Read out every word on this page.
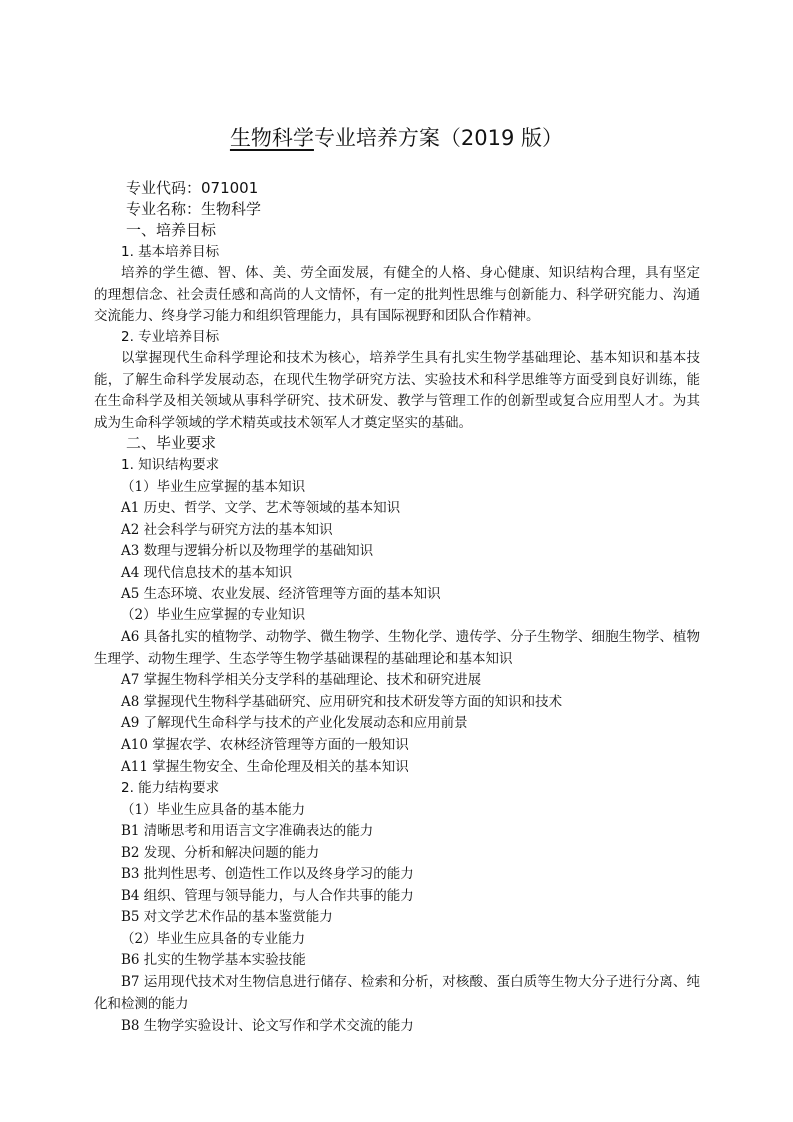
生物科学专业培养方案（2019 版）
专业代码：071001
专业名称：生物科学
一、培养目标
1. 基本培养目标
培养的学生德、智、体、美、劳全面发展，有健全的人格、身心健康、知识结构合理，具有坚定的理想信念、社会责任感和高尚的人文情怀，有一定的批判性思维与创新能力、科学研究能力、沟通交流能力、终身学习能力和组织管理能力，具有国际视野和团队合作精神。
2. 专业培养目标
以掌握现代生命科学理论和技术为核心，培养学生具有扎实生物学基础理论、基本知识和基本技能，了解生命科学发展动态，在现代生物学研究方法、实验技术和科学思维等方面受到良好训练，能在生命科学及相关领域从事科学研究、技术研发、教学与管理工作的创新型或复合应用型人才。为其成为生命科学领域的学术精英或技术领军人才奠定坚实的基础。
二、毕业要求
1. 知识结构要求
（1）毕业生应掌握的基本知识
A1 历史、哲学、文学、艺术等领域的基本知识
A2 社会科学与研究方法的基本知识
A3 数理与逻辑分析以及物理学的基础知识
A4 现代信息技术的基本知识
A5 生态环境、农业发展、经济管理等方面的基本知识
（2）毕业生应掌握的专业知识
A6 具备扎实的植物学、动物学、微生物学、生物化学、遗传学、分子生物学、细胞生物学、植物生理学、动物生理学、生态学等生物学基础课程的基础理论和基本知识
A7 掌握生物科学相关分支学科的基础理论、技术和研究进展
A8 掌握现代生物科学基础研究、应用研究和技术研发等方面的知识和技术
A9 了解现代生命科学与技术的产业化发展动态和应用前景
A10 掌握农学、农林经济管理等方面的一般知识
A11 掌握生物安全、生命伦理及相关的基本知识
2. 能力结构要求
（1）毕业生应具备的基本能力
B1 清晰思考和用语言文字准确表达的能力
B2 发现、分析和解决问题的能力
B3 批判性思考、创造性工作以及终身学习的能力
B4 组织、管理与领导能力，与人合作共事的能力
B5 对文学艺术作品的基本鉴赏能力
（2）毕业生应具备的专业能力
B6 扎实的生物学基本实验技能
B7 运用现代技术对生物信息进行储存、检索和分析，对核酸、蛋白质等生物大分子进行分离、纯化和检测的能力
B8 生物学实验设计、论文写作和学术交流的能力
